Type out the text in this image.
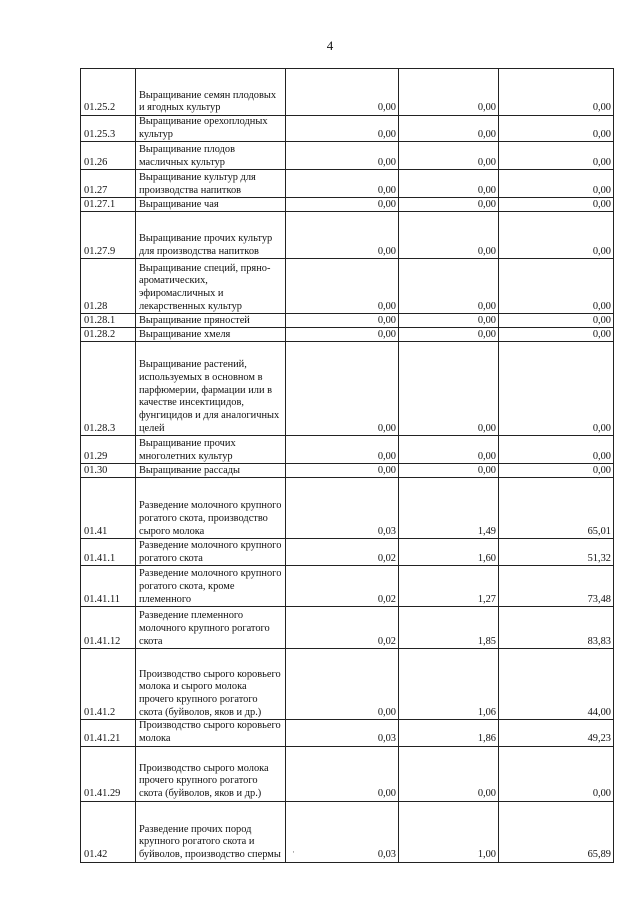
4
01.25.2	Выращивание семян плодовых и ягодных культур	0,00	0,00	0,00
01.25.3	Выращивание орехоплодных культур	0,00	0,00	0,00
01.26	Выращивание плодов масличных культур	0,00	0,00	0,00
01.27	Выращивание культур для производства напитков	0,00	0,00	0,00
01.27.1	Выращивание чая	0,00	0,00	0,00
01.27.9	Выращивание прочих культур для производства напитков	0,00	0,00	0,00
01.28	Выращивание специй, пряно-ароматических, эфиромасличных и лекарственных культур	0,00	0,00	0,00
01.28.1	Выращивание пряностей	0,00	0,00	0,00
01.28.2	Выращивание хмеля	0,00	0,00	0,00
01.28.3	Выращивание растений, используемых в основном в парфюмерии, фармации или в качестве инсектицидов, фунгицидов и для аналогичных целей	0,00	0,00	0,00
01.29	Выращивание прочих многолетних культур	0,00	0,00	0,00
01.30	Выращивание рассады	0,00	0,00	0,00
01.41	Разведение молочного крупного рогатого скота, производство сырого молока	0,03	1,49	65,01
01.41.1	Разведение молочного крупного рогатого скота	0,02	1,60	51,32
01.41.11	Разведение молочного крупного рогатого скота, кроме племенного	0,02	1,27	73,48
01.41.12	Разведение племенного молочного крупного рогатого скота	0,02	1,85	83,83
01.41.2	Производство сырого коровьего молока и сырого молока прочего крупного рогатого скота (буйволов, яков и др.)	0,00	1,06	44,00
01.41.21	Производство сырого коровьего молока	0,03	1,86	49,23
01.41.29	Производство сырого молока прочего крупного рогатого скота (буйволов, яков и др.)	0,00	0,00	0,00
01.42	Разведение прочих пород крупного рогатого скота и буйволов, производство спермы	0,03	1,00	65,89
·
